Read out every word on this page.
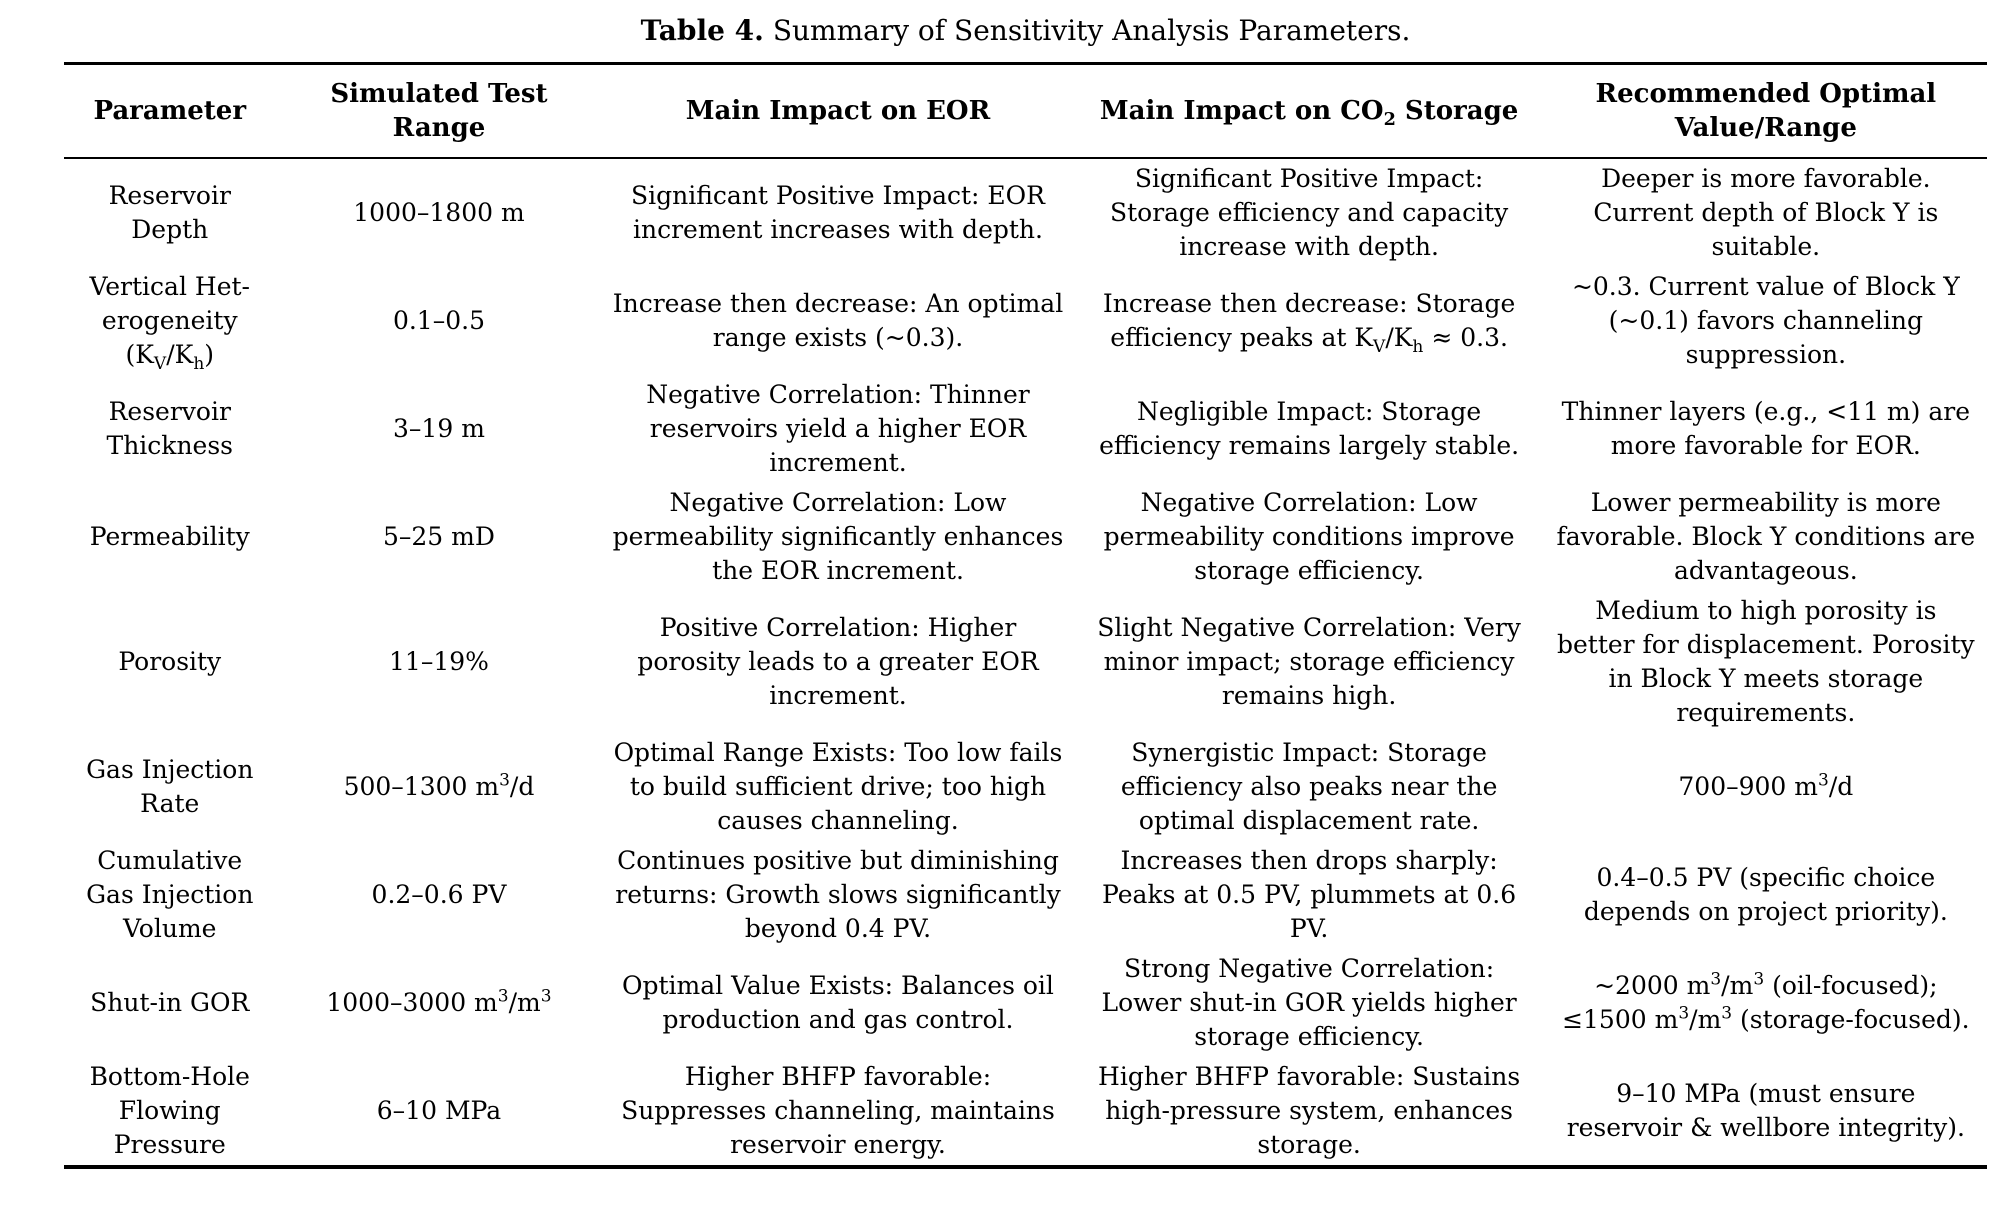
Table 4. Summary of Sensitivity Analysis Parameters.
Parameter	Simulated Test Range	Main Impact on EOR	Main Impact on $CO_2$ Storage	Recommended Optimal
Value/Range
Reservoir
Depth	1000–1800 m	Significant Positive Impact: EOR increment increases with depth.	Significant Positive Impact: Storage efficiency and capacity increase with depth.	Deeper is more favorable. Current depth of Block Y is suitable.
Vertical Het-
erogeneity
$(K_V/K_h)$	0.1–0.5	Increase then decrease: An optimal range exists (~0.3).	Increase then decrease: Storage efficiency peaks at $K_V/K_h \approx 0.3$.	~0.3. Current value of Block Y (~0.1) favors channeling suppression.
Reservoir
Thickness	3–19 m	Negative Correlation: Thinner reservoirs yield a higher EOR increment.	Negligible Impact: Storage efficiency remains largely stable.	Thinner layers (e.g., <11 m) are more favorable for EOR.
Permeability	5–25 mD	Negative Correlation: Low permeability significantly enhances the EOR increment.	Negative Correlation: Low permeability conditions improve storage efficiency.	Lower permeability is more favorable. Block Y conditions are advantageous.
Porosity	11–19%	Positive Correlation: Higher porosity leads to a greater EOR increment.	Slight Negative Correlation: Very minor impact; storage efficiency remains high.	Medium to high porosity is better for displacement. Porosity in Block Y meets storage requirements.
Gas Injection
Rate	500–1300 $m^3/d$	Optimal Range Exists: Too low fails to build sufficient drive; too high causes channeling.	Synergistic Impact: Storage efficiency also peaks near the optimal displacement rate.	700–900 $m^3/d$
Cumulative
Gas Injection
Volume	0.2–0.6 PV	Continues positive but diminishing returns: Growth slows significantly beyond 0.4 PV.	Increases then drops sharply: Peaks at 0.5 PV, plummets at 0.6 PV.	0.4–0.5 PV (specific choice depends on project priority).
Shut-in GOR	1000–3000 $m^3/m^3$	Optimal Value Exists: Balances oil production and gas control.	Strong Negative Correlation: Lower shut-in GOR yields higher storage efficiency.	~2000 $m^3/m^3$ (oil-focused); ≤1500 $m^3/m^3$ (storage-focused).
Bottom-Hole
Flowing
Pressure	6–10 MPa	Higher BHFP favorable: Suppresses channeling, maintains reservoir energy.	Higher BHFP favorable: Sustains high-pressure system, enhances storage.	9–10 MPa (must ensure reservoir & wellbore integrity).
